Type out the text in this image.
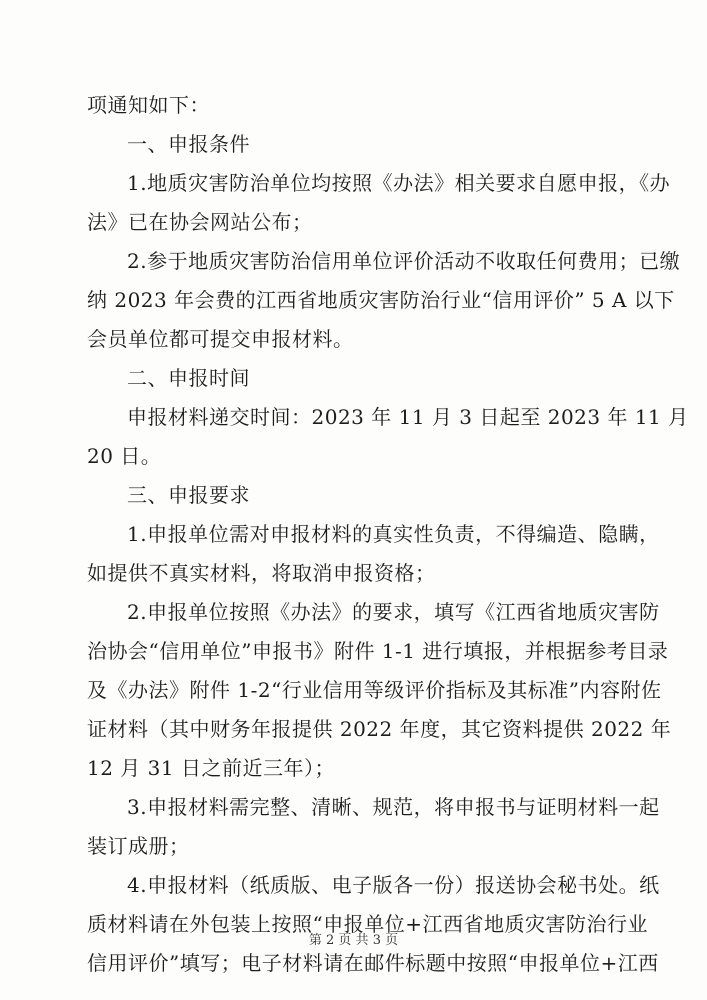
项通知如下：
一、申报条件
1.地质灾害防治单位均按照《办法》相关要求自愿申报，《办
法》已在协会网站公布；
2.参于地质灾害防治信用单位评价活动不收取任何费用；已缴
纳 2023 年会费的江西省地质灾害防治行业“信用评价” 5 A 以下
会员单位都可提交申报材料。
二、申报时间
申报材料递交时间：2023 年 11 月 3 日起至 2023 年 11 月
20 日。
三、申报要求
1.申报单位需对申报材料的真实性负责，不得编造、隐瞒，
如提供不真实材料，将取消申报资格；
2.申报单位按照《办法》的要求，填写《江西省地质灾害防
治协会“信用单位”申报书》附件 1-1 进行填报，并根据参考目录
及《办法》附件 1-2“行业信用等级评价指标及其标准”内容附佐
证材料（其中财务年报提供 2022 年度，其它资料提供 2022 年
12 月 31 日之前近三年）；
3.申报材料需完整、清晰、规范，将申报书与证明材料一起
装订成册；
4.申报材料（纸质版、电子版各一份）报送协会秘书处。纸
质材料请在外包装上按照“申报单位+江西省地质灾害防治行业
信用评价”填写；电子材料请在邮件标题中按照“申报单位+江西
第 2 页 共 3 页
